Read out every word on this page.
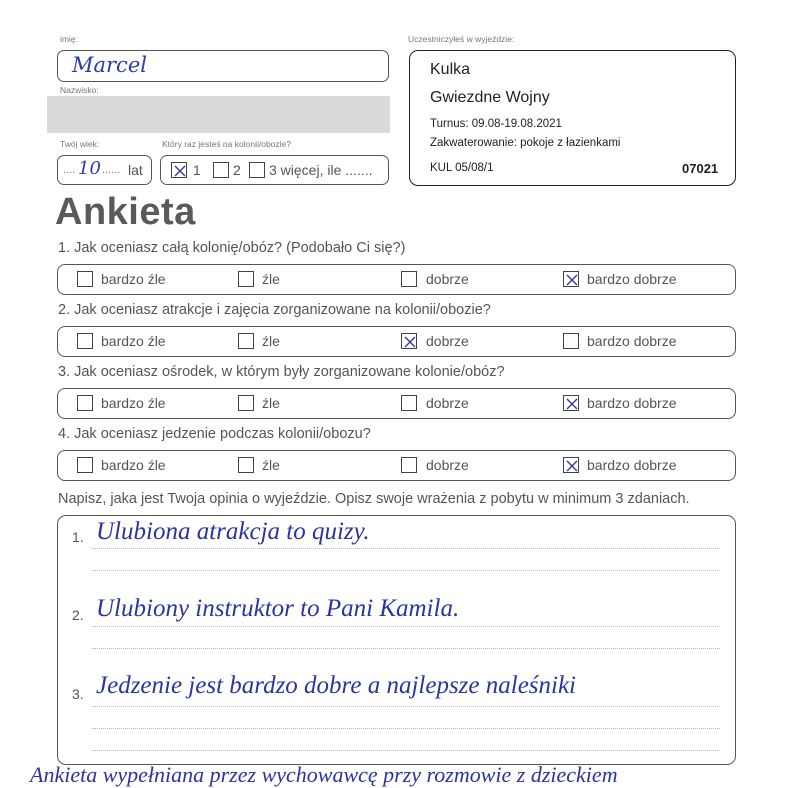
imię:
Marcel
Nazwisko:
Twój wiek:	Który raz jesteś na kolonii/obozie?
.... 10 ...... lat	1 2 3 więcej, ile .......
Uczestniczyłeś w wyjeździe:
Kulka
Gwiezdne Wojny
Turnus: 09.08-19.08.2021
Zakwaterowanie: pokoje z łazienkami
KUL 05/08/1	07021
Ankieta
1. Jak oceniasz całą kolonię/obóz? (Podobało Ci się?)
bardzo źle	źle	dobrze	bardzo dobrze
2. Jak oceniasz atrakcje i zajęcia zorganizowane na kolonii/obozie?
bardzo źle	źle	dobrze	bardzo dobrze
3. Jak oceniasz ośrodek, w którym były zorganizowane kolonie/obóz?
bardzo źle	źle	dobrze	bardzo dobrze
4. Jak oceniasz jedzenie podczas kolonii/obozu?
bardzo źle	źle	dobrze	bardzo dobrze
Napisz, jaka jest Twoja opinia o wyjeździe. Opisz swoje wrażenia z pobytu w minimum 3 zdaniach.
1. Ulubiona atrakcja to quizy.
2. Ulubiony instruktor to Pani Kamila.
3. Jedzenie jest bardzo dobre a najlepsze naleśniki
Ankieta wypełniana przez wychowawcę przy rozmowie z dzieckiem
